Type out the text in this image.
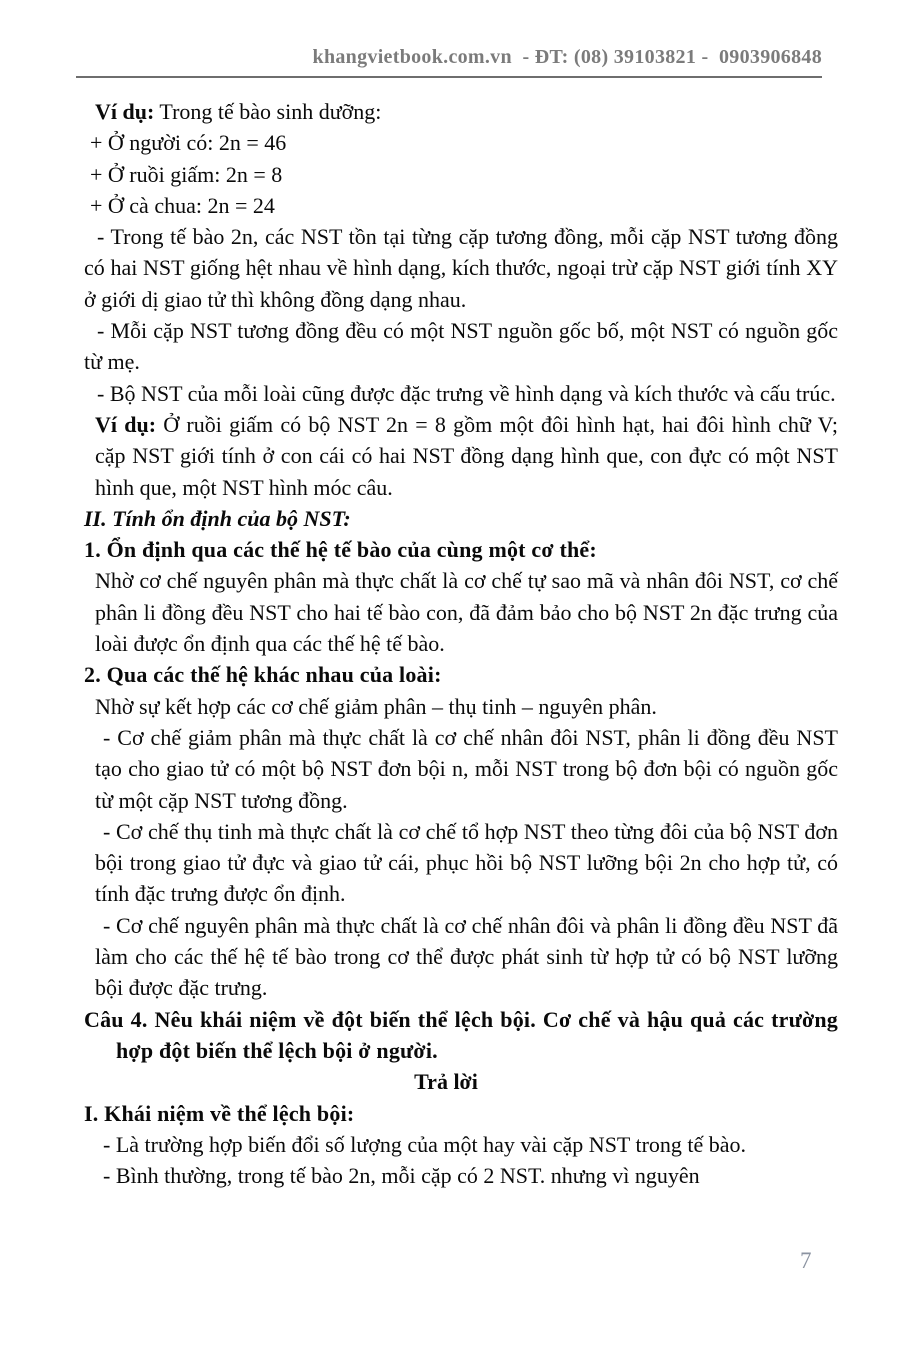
khangvietbook.com.vn  - ĐT: (08) 39103821 -  0903906848

Ví dụ: Trong tế bào sinh dưỡng:

+ Ở người có: 2n = 46

+ Ở ruồi giấm: 2n = 8

+ Ở cà chua: 2n = 24

- Trong tế bào 2n, các NST tồn tại từng cặp tương đồng, mỗi cặp NST tương đồng có hai NST giống hệt nhau về hình dạng, kích thước, ngoại trừ cặp NST giới tính XY ở giới dị giao tử thì không đồng dạng nhau.

- Mỗi cặp NST tương đồng đều có một NST nguồn gốc bố, một NST có nguồn gốc từ mẹ.

- Bộ NST của mỗi loài cũng được đặc trưng về hình dạng và kích thước và cấu trúc.

Ví dụ: Ở ruồi giấm có bộ NST 2n = 8 gồm một đôi hình hạt, hai đôi hình chữ V; cặp NST giới tính ở con cái có hai NST đồng dạng hình que, con đực có một NST hình que, một NST hình móc câu.

II. Tính ổn định của bộ NST:

1. Ổn định qua các thế hệ tế bào của cùng một cơ thể:

Nhờ cơ chế nguyên phân mà thực chất là cơ chế tự sao mã và nhân đôi NST, cơ chế phân li đồng đều NST cho hai tế bào con, đã đảm bảo cho bộ NST 2n đặc trưng của loài được ổn định qua các thế hệ tế bào.

2. Qua các thế hệ khác nhau của loài:

Nhờ sự kết hợp các cơ chế giảm phân – thụ tinh – nguyên phân.

- Cơ chế giảm phân mà thực chất là cơ chế nhân đôi NST, phân li đồng đều NST tạo cho giao tử có một bộ NST đơn bội n, mỗi NST trong bộ đơn bội có nguồn gốc từ một cặp NST tương đồng.

- Cơ chế thụ tinh mà thực chất là cơ chế tổ hợp NST theo từng đôi của bộ NST đơn bội trong giao tử đực và giao tử cái, phục hồi bộ NST lưỡng bội 2n cho hợp tử, có tính đặc trưng được ổn định.

- Cơ chế nguyên phân mà thực chất là cơ chế nhân đôi và phân li đồng đều NST đã làm cho các thế hệ tế bào trong cơ thể được phát sinh từ hợp tử có bộ NST lưỡng bội được đặc trưng.

Câu 4. Nêu khái niệm về đột biến thể lệch bội. Cơ chế và hậu quả các trường hợp đột biến thể lệch bội ở người.

Trả lời

I. Khái niệm về thể lệch bội:

- Là trường hợp biến đổi số lượng của một hay vài cặp NST trong tế bào.

- Bình thường, trong tế bào 2n, mỗi cặp có 2 NST. nhưng vì nguyên

7
